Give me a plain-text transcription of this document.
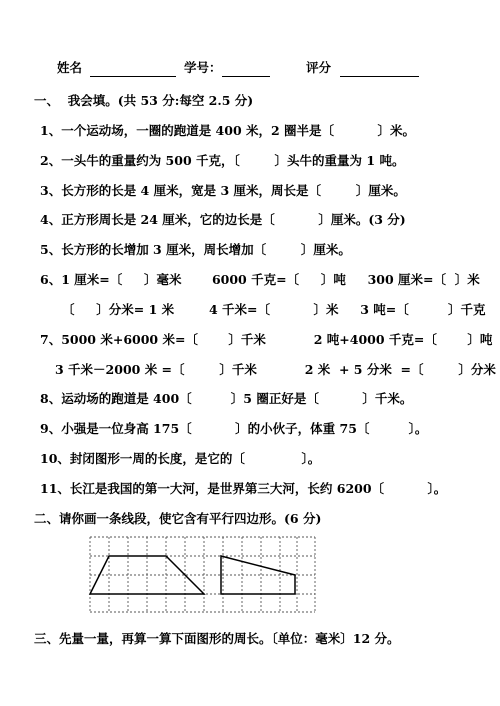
姓名	学号：	评分
一、  我会填。(共 53 分:每空 2.5 分)
1、一个运动场，一圈的跑道是 400 米，2 圈半是〔          〕米。
2、一头牛的重量约为 500 千克，〔        〕头牛的重量为 1 吨。
3、长方形的长是 4 厘米，宽是 3 厘米，周长是〔        〕厘米。
4、正方形周长是 24 厘米，它的边长是〔          〕厘米。(3 分)
5、长方形的长增加 3 厘米，周长增加〔        〕厘米。
6、1 厘米=〔     〕毫米       6000 千克=〔     〕吨     300 厘米=〔  〕米
〔     〕分米= 1 米        4 千米=〔          〕米     3 吨=〔         〕千克
7、5000 米+6000 米=〔       〕千米           2 吨+4000 千克=〔       〕吨
3 千米－2000 米 =〔        〕千米           2 米  + 5 分米  =〔        〕分米
8、运动场的跑道是 400〔         〕5 圈正好是〔          〕千米。
9、小强是一位身高 175〔          〕的小伙子，体重 75〔         〕。
10、封闭图形一周的长度，是它的〔             〕。
11、长江是我国的第一大河，是世界第三大河，长约 6200〔          〕。
二、请你画一条线段，使它含有平行四边形。(6 分)
三、先量一量，再算一算下面图形的周长。〔单位：毫米〕12 分。
